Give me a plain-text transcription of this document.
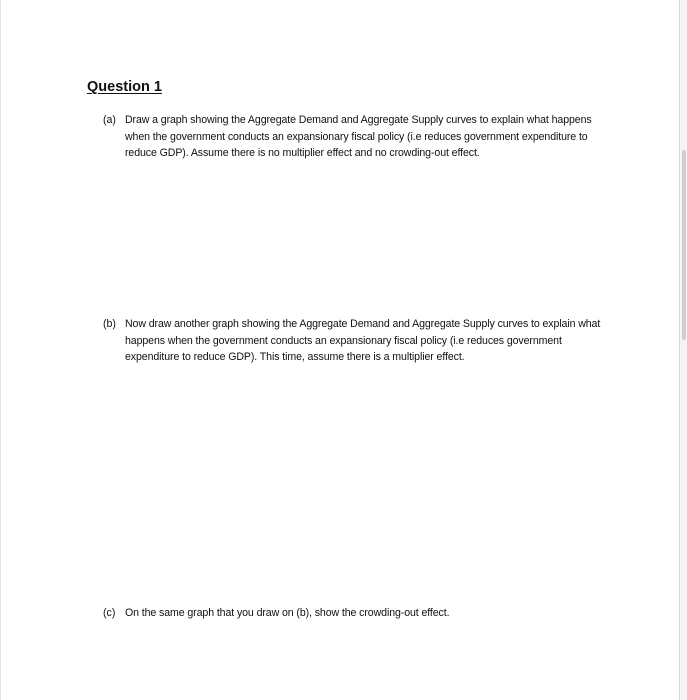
Question 1
(a) Draw a graph showing the Aggregate Demand and Aggregate Supply curves to explain what happens when the government conducts an expansionary fiscal policy (i.e reduces government expenditure to reduce GDP). Assume there is no multiplier effect and no crowding-out effect.
(b) Now draw another graph showing the Aggregate Demand and Aggregate Supply curves to explain what happens when the government conducts an expansionary fiscal policy (i.e reduces government expenditure to reduce GDP). This time, assume there is a multiplier effect.
(c) On the same graph that you draw on (b), show the crowding-out effect.
